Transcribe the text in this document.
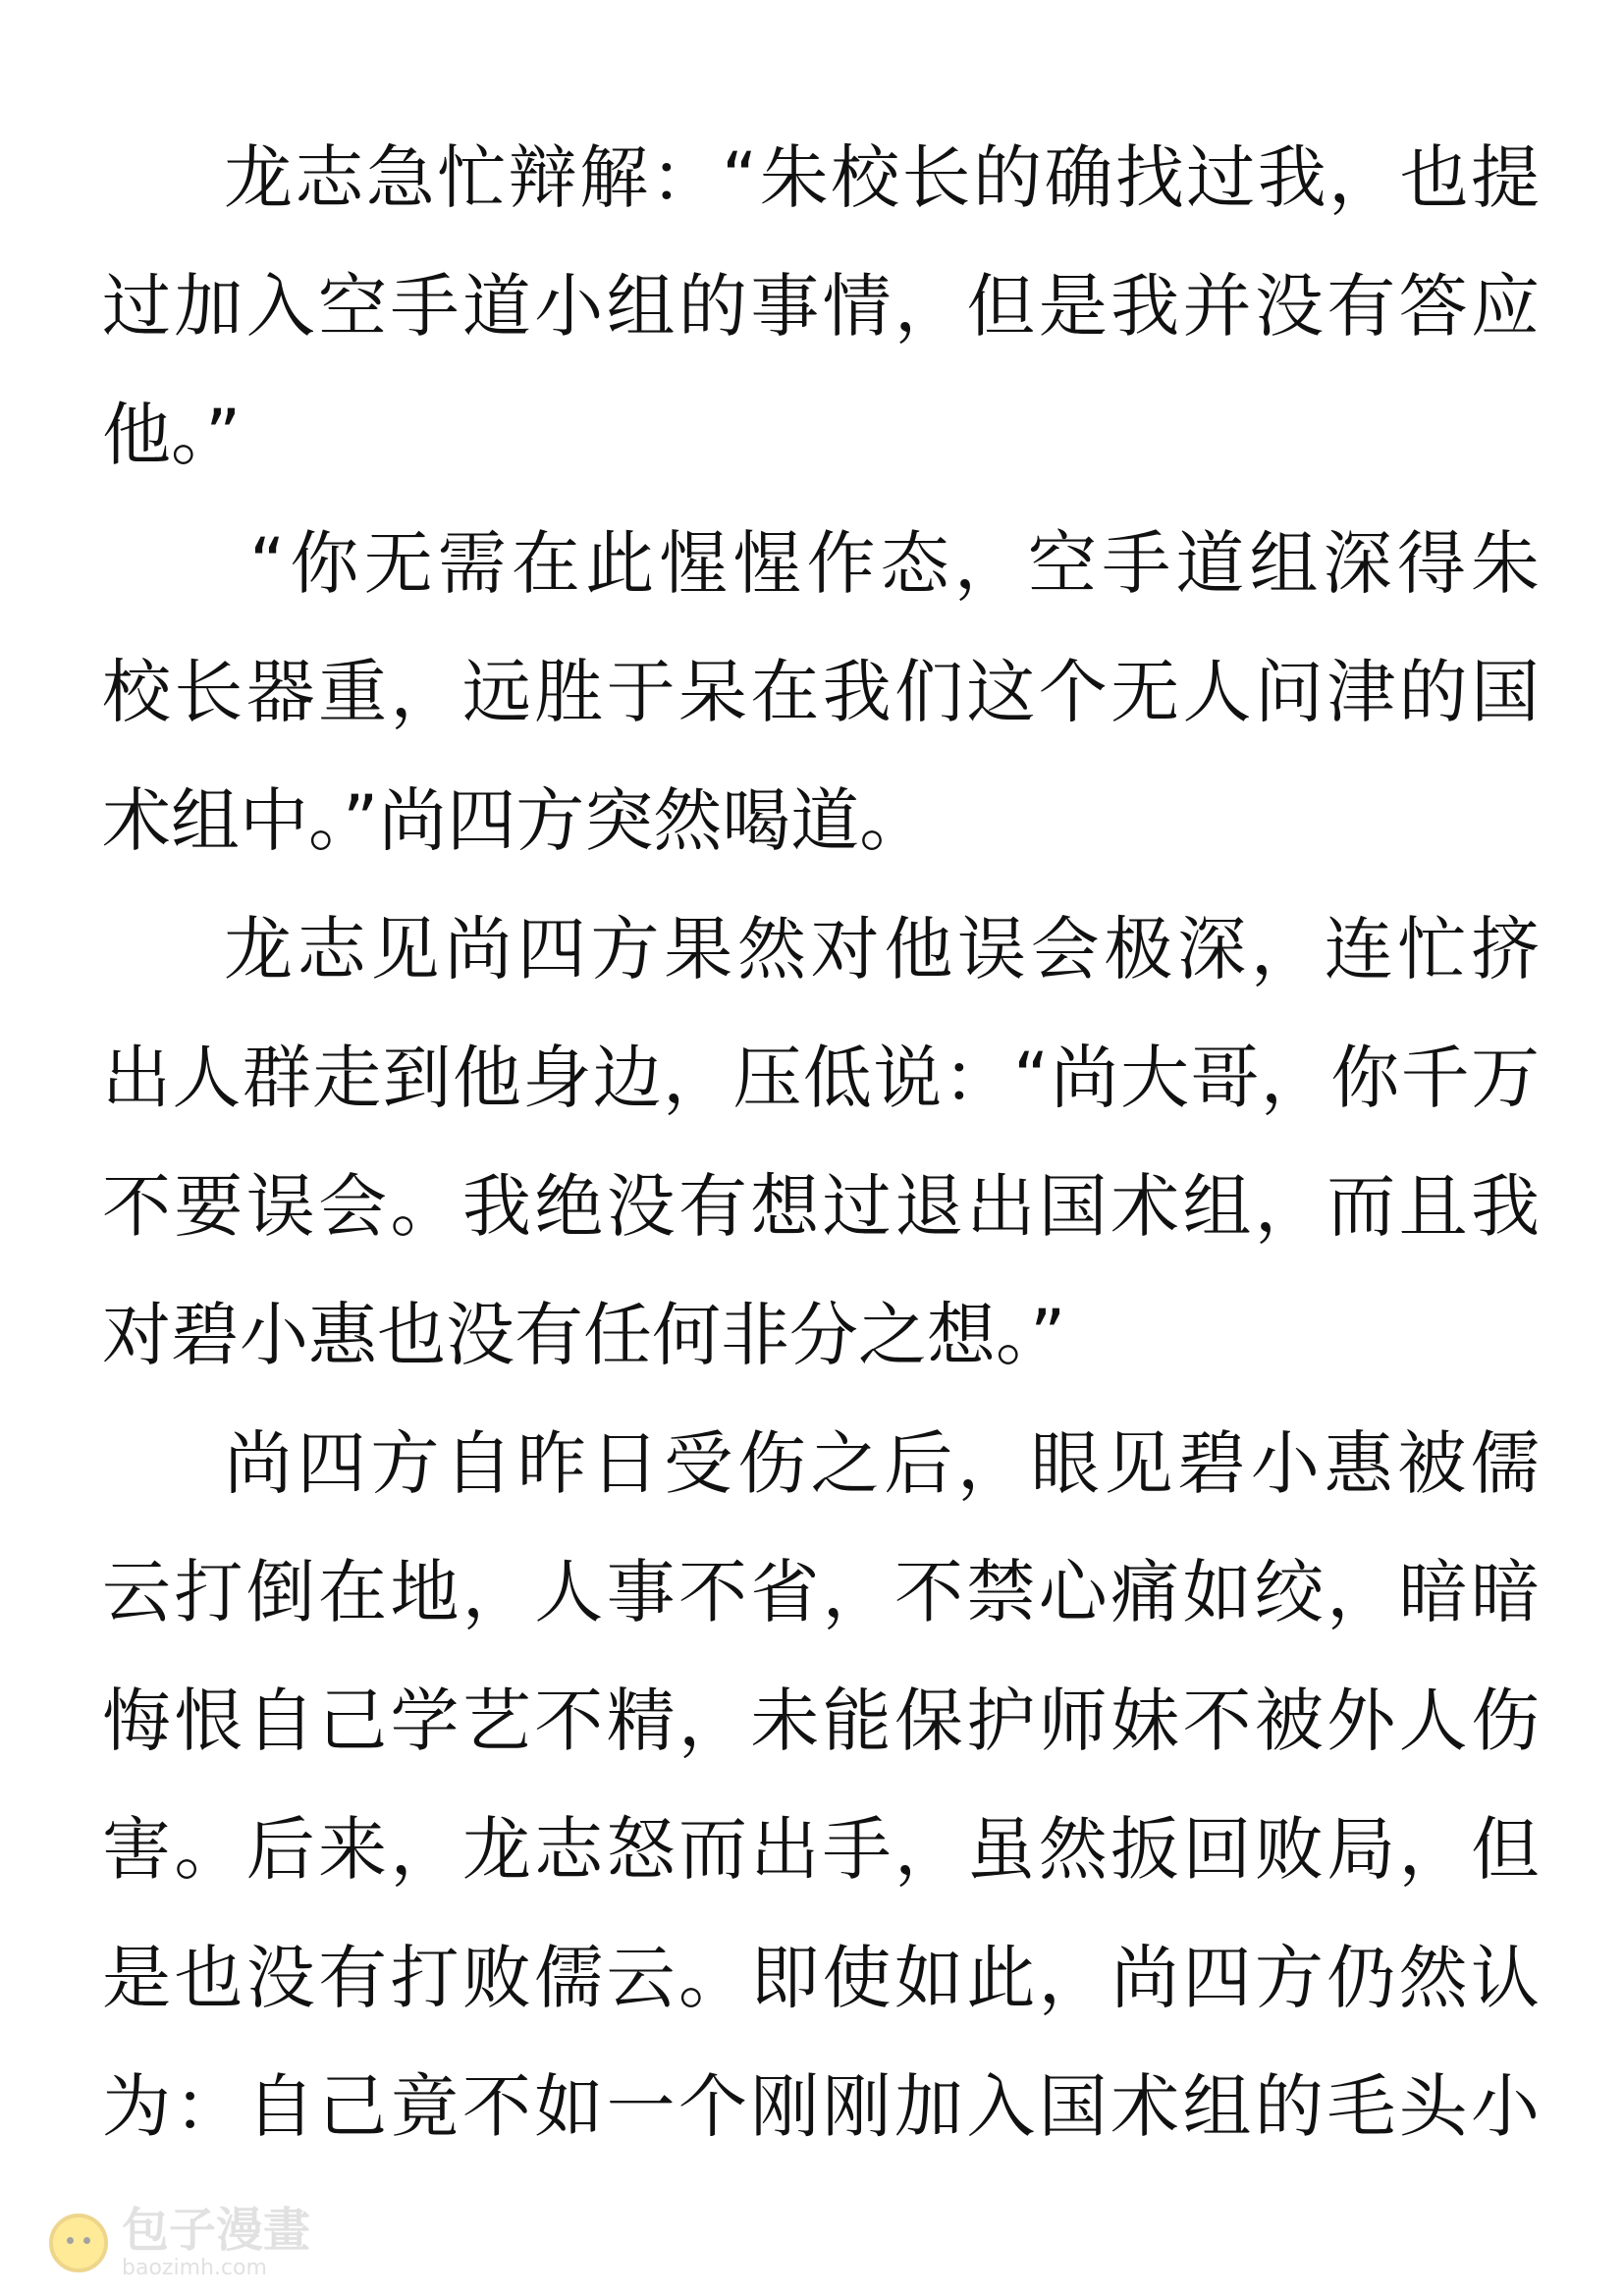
龙志急忙辩解：“朱校长的确找过我，也提
过加入空手道小组的事情，但是我并没有答应
他。”
“你无需在此惺惺作态，空手道组深得朱
校长器重，远胜于呆在我们这个无人问津的国
术组中。”尚四方突然喝道。
龙志见尚四方果然对他误会极深，连忙挤
出人群走到他身边，压低说：“尚大哥，你千万
不要误会。我绝没有想过退出国术组，而且我
对碧小惠也没有任何非分之想。”
尚四方自昨日受伤之后，眼见碧小惠被儒
云打倒在地，人事不省，不禁心痛如绞，暗暗
悔恨自己学艺不精，未能保护师妹不被外人伤
害。后来，龙志怒而出手，虽然扳回败局，但
是也没有打败儒云。即使如此，尚四方仍然认
为：自己竟不如一个刚刚加入国术组的毛头小
包子漫畫
baozimh.com
